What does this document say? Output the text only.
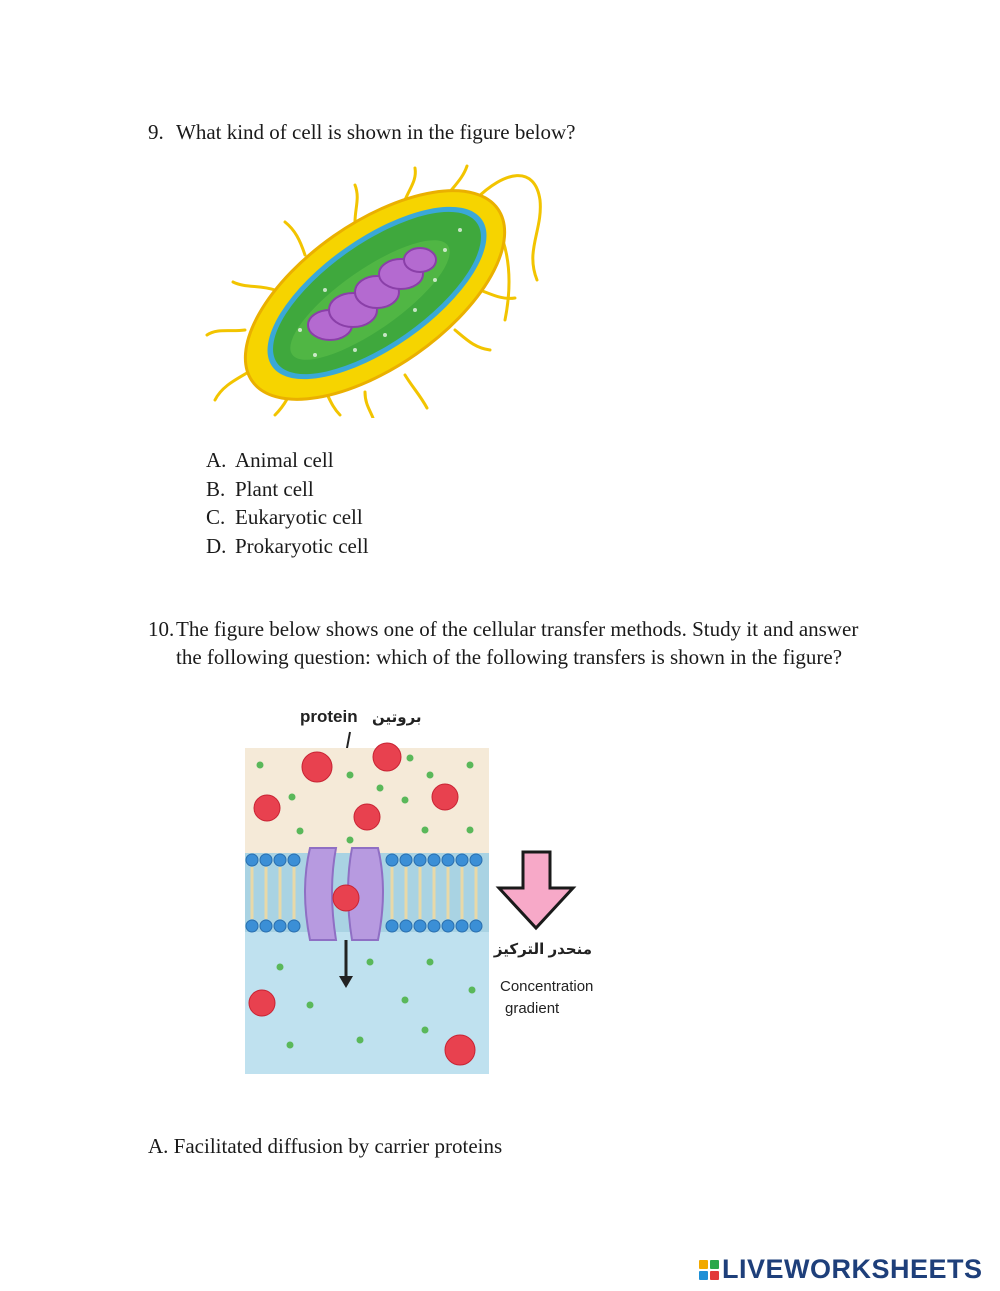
9. What kind of cell is shown in the figure below?

A. Animal cell
B. Plant cell
C. Eukaryotic cell
D. Prokaryotic cell

10. The figure below shows one of the cellular transfer methods. Study it and answer the following question: which of the following transfers is shown in the figure?

protein بروتين
منحدر التركيز
Concentration
gradient
A. Facilitated diffusion by carrier proteins
LIVEWORKSHEETS
